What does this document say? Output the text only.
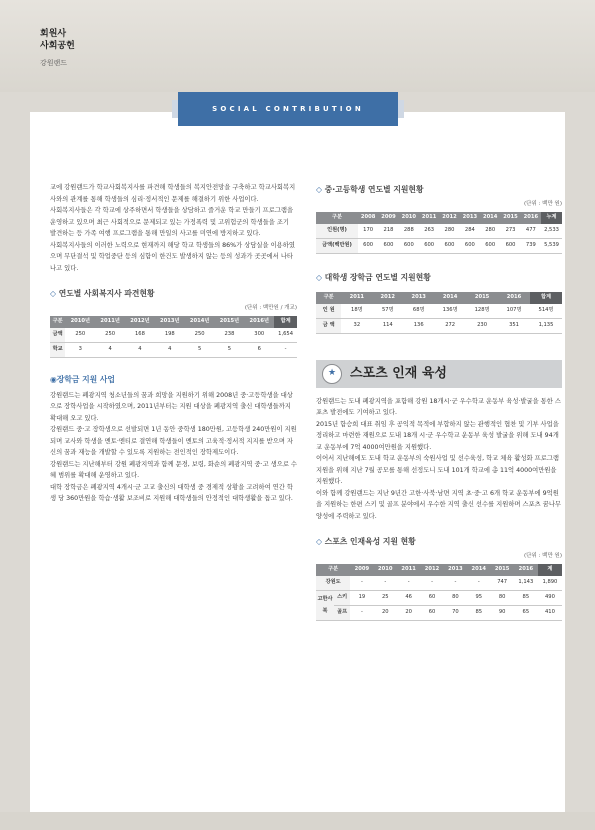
회원사
사회공헌
강원랜드
SOCIAL CONTRIBUTION

교에 강원랜드가 학교사회복지사를 파견해 학생들의 복지안전망을 구축하고 학교사회복지사와의 관계를 통해 학생들의 심리·정서적인 문제를 해결하기 위한 사업이다.

사회복지사들은 각 학교에 상주하면서 학생들을 상담하고 즐거운 학교 만들기 프로그램을 운영하고 있으며 최근 사회적으로 문제되고 있는 가정폭력 및 고위험군의 학생들을 조기 발견하는 등 가족 여행 프로그램을 통해 만일의 사고를 미연에 방지하고 있다.

사회복지사들의 이러한 노력으로 현재까지 해당 학교 학생들의 86%가 상담실을 이용하였으며 무단결석 및 학업중단 등의 심함이 한건도 발생하지 않는 등의 성과가 곳곳에서 나타나고 있다.

◇ 연도별 사회복지사 파견현황
(단위 : 백만원 / 개교)
구분	2010년	2011년	2012년	2013년	2014년	2015년	2016년	합계
금액	250	250	168	198	250	238	300	1,654
학교	3	4	4	4	5	5	6	-
◉장학금 지원 사업

강원랜드는 폐광지역 청소년들의 꿈과 희망을 지원하기 위해 2008년 중·고등학생을 대상으로 장학사업을 시작하였으며, 2011년부터는 지원 대상을 폐광지역 출신 대학생들까지 확대해 오고 있다.

강원랜드 중·고 장학생으로 선발되면 1년 동안 중학생 180만원, 고등학생 240만원이 지원되며 교사와 학생을 멘토·멘티로 결연해 학생들이 멘토의 고육적·정서적 지지를 받으며 자신의 꿈과 재능을 개발할 수 있도록 지원하는 전인적인 장학제도이다.

강원랜드는 지난해부터 강원 폐광지역과 함께 문경, 보령, 화순의 폐광지역 중·고 생으로 수혜 범위를 확대해 운영하고 있다.

대학 장학금은 폐광지역 4개시·군 고교 출신의 대학생 중 경제적 상황을 고려하여 연간 학생 당 360만원을 학습·생활 보조비로 지원해 대학생들의 안정적인 대학생활을 돕고 있다.

◇ 중·고등학생 연도별 지원현황
(단위 : 백만 원)
구분	2008	2009	2010	2011	2012	2013	2014	2015	2016	누계
인원(명)	170	218	288	263	280	284	280	273	477	2,533
금액(백만원)	600	600	600	600	600	600	600	600	739	5,539
◇ 대학생 장학금 연도별 지원현황
구분	2011	2012	2013	2014	2015	2016	합계
인 원	18명	57명	68명	136명	128명	107명	514명
금 액	32	114	136	272	230	351	1,135
★	스포츠 인재 육성

강원랜드는 도내 폐광지역을 포함해 강원 18개시·군 우수학교 운동부 육성·발굴을 통한 스포츠 발전에도 기여하고 있다.

2015년 함승희 대표 취임 후 공익적 목적에 부합하지 않는 관행적인 협찬 및 기부 사업을 정리하고 마련한 재원으로 도내 18개 시·군 우수학교 운동부 육성 발굴을 위해 도내 94개교 운동부에 7억 4000여만원을 지원했다.

이어서 지난해에도 도내 학교 운동부의 숙원사업 및 선수육성, 학교 체육 활성화 프로그램 지원을 위해 지난 7월 공모를 통해 선정도니 도내 101개 학교에 총 11억 4000여만원을 지원했다.

이와 함께 강원랜드는 지난 9년간 고한·사북·남면 지역 초·중·고 6개 학교 운동부에 9억원을 지원하는 한편 스키 및 골프 분야에서 우수한 지역 출신 선수를 지원하며 스포츠 꿈나무 양성에 주력하고 있다.

◇ 스포츠 인재육성 지원 현황
(단위 : 백만 원)
구분		2009	2010	2011	2012	2013	2014	2015	2016	계
강원도		-	-	-	-	-	-	747	1,143	1,890
고한사북	스키	19	25	46	60	80	95	80	85	490
	골프	-	20	20	60	70	85	90	65	410
